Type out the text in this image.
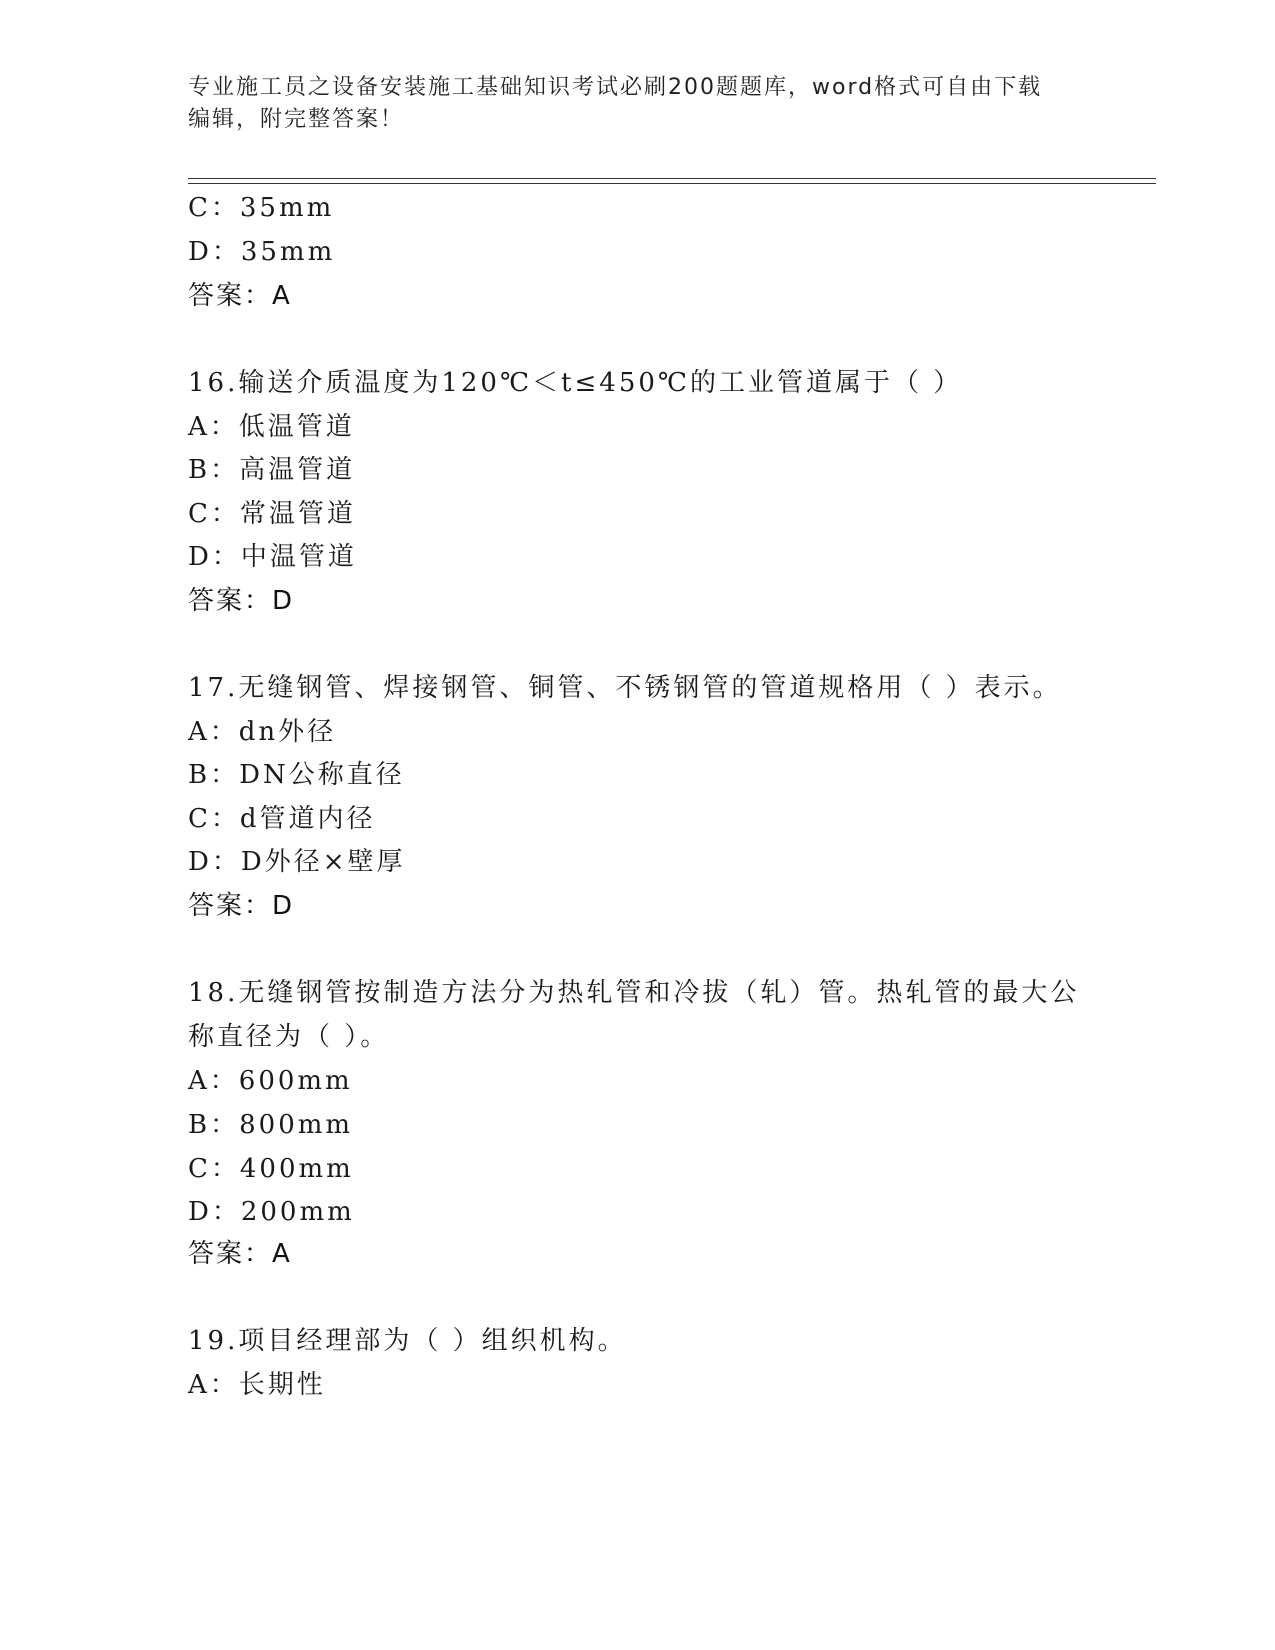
专业施工员之设备安装施工基础知识考试必刷200题题库，word格式可自由下载
编辑，附完整答案！
C：35mm
D：35mm
答案：A
16.输送介质温度为120℃＜t≤450℃的工业管道属于（ ）
A：低温管道
B：高温管道
C：常温管道
D：中温管道
答案：D
17.无缝钢管、焊接钢管、铜管、不锈钢管的管道规格用（ ）表示。
A：dn外径
B：DN公称直径
C：d管道内径
D：D外径×壁厚
答案：D
18.无缝钢管按制造方法分为热轧管和冷拔（轧）管。热轧管的最大公
称直径为（ ）。
A：600mm
B：800mm
C：400mm
D：200mm
答案：A
19.项目经理部为（ ）组织机构。
A：长期性
